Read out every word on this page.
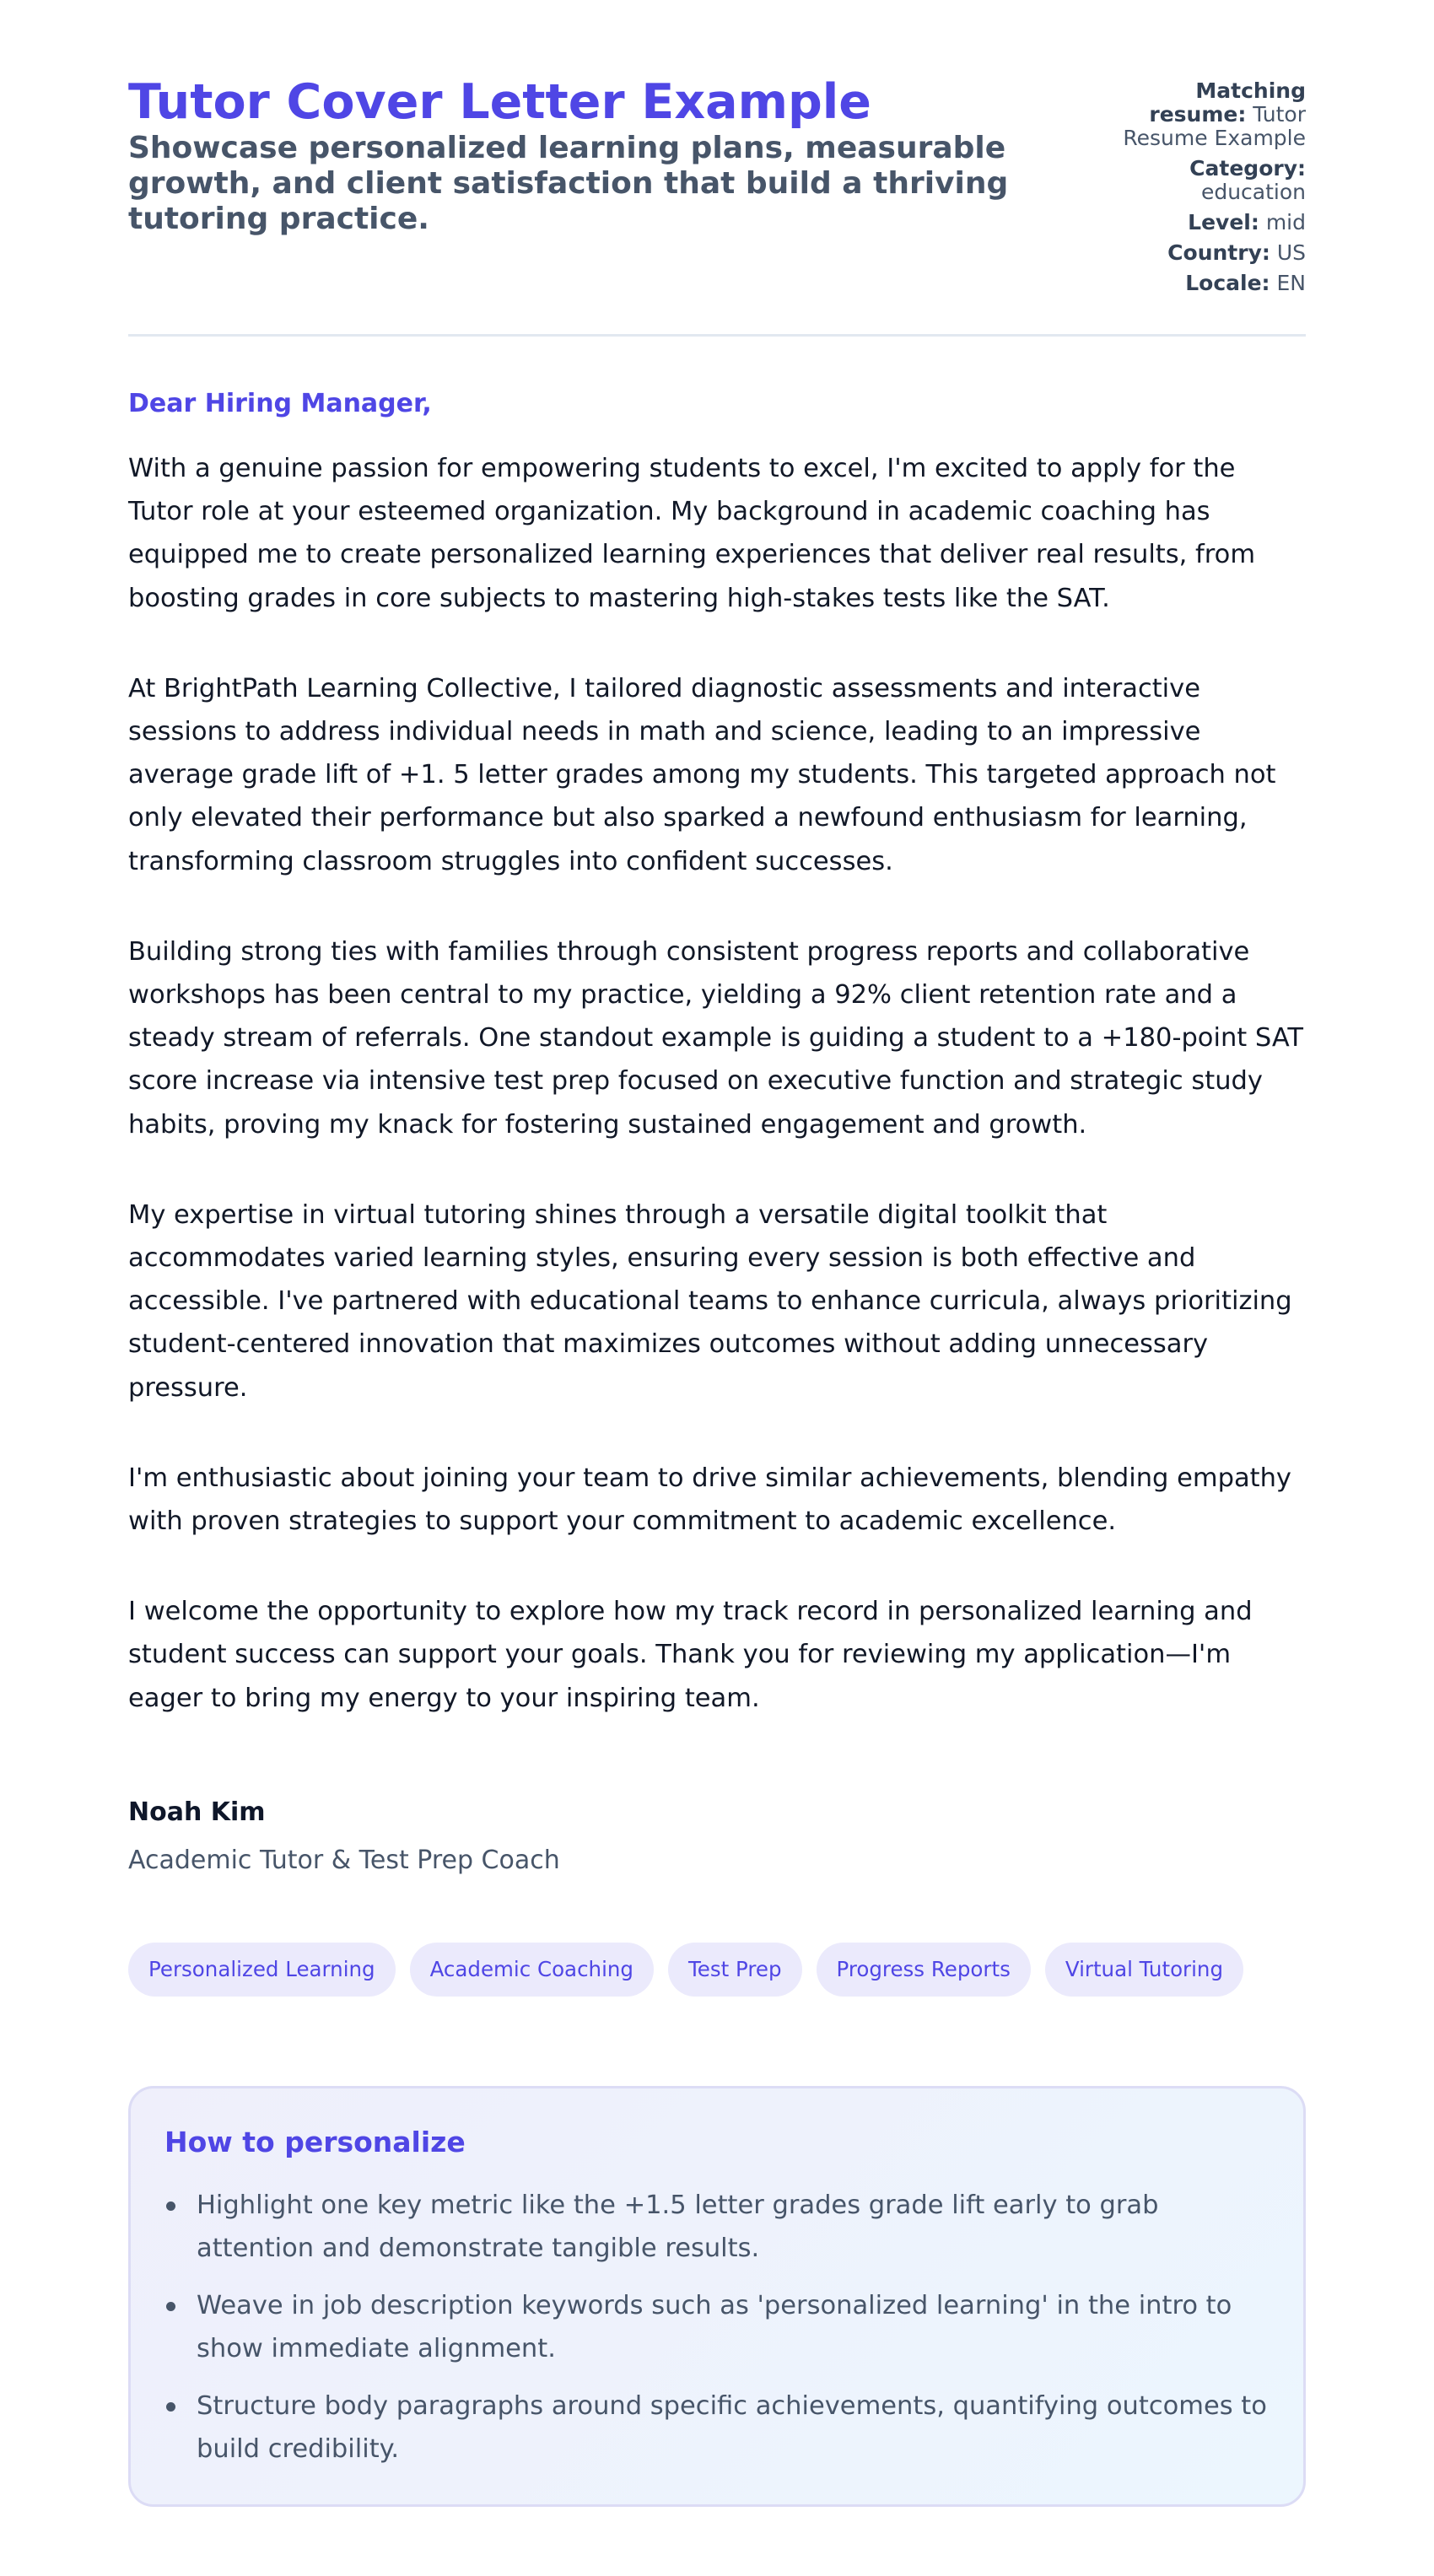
Tutor Cover Letter Example
Showcase personalized learning plans, measurable growth, and client satisfaction that build a thriving tutoring practice.
Matching resume: Tutor Resume Example
Category: education
Level: mid
Country: US
Locale: EN
Dear Hiring Manager,

With a genuine passion for empowering students to excel, I'm excited to apply for the Tutor role at your esteemed organization. My background in academic coaching has equipped me to create personalized learning experiences that deliver real results, from boosting grades in core subjects to mastering high-stakes tests like the SAT.

At BrightPath Learning Collective, I tailored diagnostic assessments and interactive sessions to address individual needs in math and science, leading to an impressive average grade lift of +1. 5 letter grades among my students. This targeted approach not only elevated their performance but also sparked a newfound enthusiasm for learning, transforming classroom struggles into confident successes.

Building strong ties with families through consistent progress reports and collaborative workshops has been central to my practice, yielding a 92% client retention rate and a steady stream of referrals. One standout example is guiding a student to a +180-point SAT score increase via intensive test prep focused on executive function and strategic study habits, proving my knack for fostering sustained engagement and growth.

My expertise in virtual tutoring shines through a versatile digital toolkit that accommodates varied learning styles, ensuring every session is both effective and accessible. I've partnered with educational teams to enhance curricula, always prioritizing student-centered innovation that maximizes outcomes without adding unnecessary pressure.

I'm enthusiastic about joining your team to drive similar achievements, blending empathy with proven strategies to support your commitment to academic excellence.

I welcome the opportunity to explore how my track record in personalized learning and student success can support your goals. Thank you for reviewing my application—I'm eager to bring my energy to your inspiring team.

Noah Kim
Academic Tutor & Test Prep Coach
Personalized Learning	Academic Coaching	Test Prep	Progress Reports	Virtual Tutoring
How to personalize
Highlight one key metric like the +1.5 letter grades grade lift early to grab attention and demonstrate tangible results.
Weave in job description keywords such as 'personalized learning' in the intro to show immediate alignment.
Structure body paragraphs around specific achievements, quantifying outcomes to build credibility.
